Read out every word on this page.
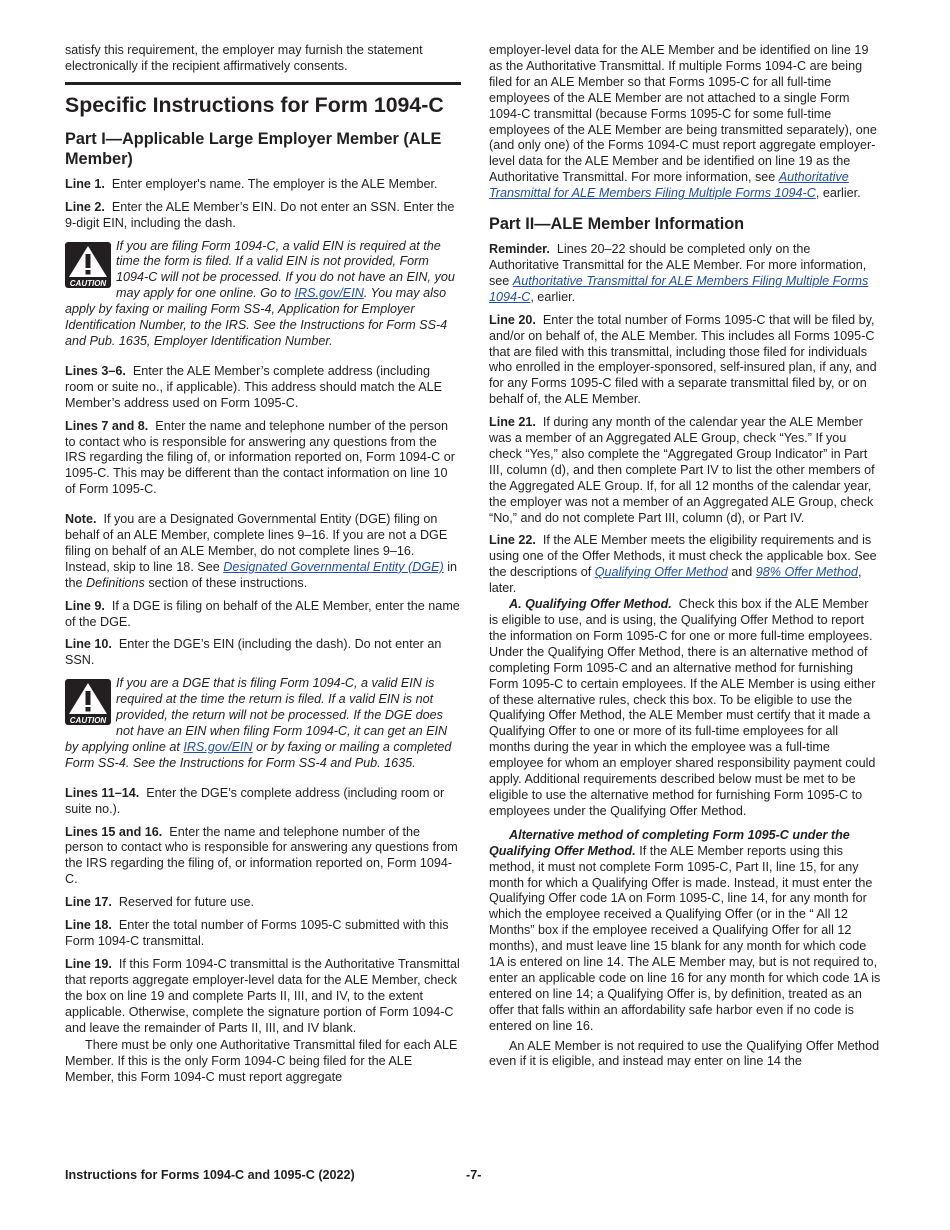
satisfy this requirement, the employer may furnish the statement electronically if the recipient affirmatively consents.

Specific Instructions for Form 1094-C
Part I—Applicable Large Employer Member (ALE Member)

Line 1. Enter employer's name. The employer is the ALE Member.

Line 2. Enter the ALE Member’s EIN. Do not enter an SSN. Enter the 9-digit EIN, including the dash.

If you are filing Form 1094-C, a valid EIN is required at the time the form is filed. If a valid EIN is not provided, Form 1094-C will not be processed. If you do not have an EIN, you may apply for one online. Go to IRS.gov/EIN. You may also apply by faxing or mailing Form SS-4, Application for Employer Identification Number, to the IRS. See the Instructions for Form SS-4 and Pub. 1635, Employer Identification Number.

Lines 3–6. Enter the ALE Member’s complete address (including room or suite no., if applicable). This address should match the ALE Member’s address used on Form 1095-C.

Lines 7 and 8. Enter the name and telephone number of the person to contact who is responsible for answering any questions from the IRS regarding the filing of, or information reported on, Form 1094-C or 1095-C. This may be different than the contact information on line 10 of Form 1095-C.

Note. If you are a Designated Governmental Entity (DGE) filing on behalf of an ALE Member, complete lines 9–16. If you are not a DGE filing on behalf of an ALE Member, do not complete lines 9–16. Instead, skip to line 18. See Designated Governmental Entity (DGE) in the Definitions section of these instructions.

Line 9. If a DGE is filing on behalf of the ALE Member, enter the name of the DGE.

Line 10. Enter the DGE’s EIN (including the dash). Do not enter an SSN.

If you are a DGE that is filing Form 1094-C, a valid EIN is required at the time the return is filed. If a valid EIN is not provided, the return will not be processed. If the DGE does not have an EIN when filing Form 1094-C, it can get an EIN by applying online at IRS.gov/EIN or by faxing or mailing a completed Form SS-4. See the Instructions for Form SS-4 and Pub. 1635.

Lines 11–14. Enter the DGE’s complete address (including room or suite no.).

Lines 15 and 16. Enter the name and telephone number of the person to contact who is responsible for answering any questions from the IRS regarding the filing of, or information reported on, Form 1094-C.

Line 17. Reserved for future use.

Line 18. Enter the total number of Forms 1095-C submitted with this Form 1094-C transmittal.

Line 19. If this Form 1094-C transmittal is the Authoritative Transmittal that reports aggregate employer-level data for the ALE Member, check the box on line 19 and complete Parts II, III, and IV, to the extent applicable. Otherwise, complete the signature portion of Form 1094-C and leave the remainder of Parts II, III, and IV blank.

There must be only one Authoritative Transmittal filed for each ALE Member. If this is the only Form 1094-C being filed for the ALE Member, this Form 1094-C must report aggregate

employer-level data for the ALE Member and be identified on line 19 as the Authoritative Transmittal. If multiple Forms 1094-C are being filed for an ALE Member so that Forms 1095-C for all full-time employees of the ALE Member are not attached to a single Form 1094-C transmittal (because Forms 1095-C for some full-time employees of the ALE Member are being transmitted separately), one (and only one) of the Forms 1094-C must report aggregate employer-level data for the ALE Member and be identified on line 19 as the Authoritative Transmittal. For more information, see Authoritative Transmittal for ALE Members Filing Multiple Forms 1094-C, earlier.

Part II—ALE Member Information

Reminder. Lines 20–22 should be completed only on the Authoritative Transmittal for the ALE Member. For more information, see Authoritative Transmittal for ALE Members Filing Multiple Forms 1094-C, earlier.

Line 20. Enter the total number of Forms 1095-C that will be filed by, and/or on behalf of, the ALE Member. This includes all Forms 1095-C that are filed with this transmittal, including those filed for individuals who enrolled in the employer-sponsored, self-insured plan, if any, and for any Forms 1095-C filed with a separate transmittal filed by, or on behalf of, the ALE Member.

Line 21. If during any month of the calendar year the ALE Member was a member of an Aggregated ALE Group, check “Yes.” If you check “Yes,” also complete the “Aggregated Group Indicator” in Part III, column (d), and then complete Part IV to list the other members of the Aggregated ALE Group. If, for all 12 months of the calendar year, the employer was not a member of an Aggregated ALE Group, check “No,” and do not complete Part III, column (d), or Part IV.

Line 22. If the ALE Member meets the eligibility requirements and is using one of the Offer Methods, it must check the applicable box. See the descriptions of Qualifying Offer Method and 98% Offer Method, later.

A. Qualifying Offer Method. Check this box if the ALE Member is eligible to use, and is using, the Qualifying Offer Method to report the information on Form 1095-C for one or more full-time employees. Under the Qualifying Offer Method, there is an alternative method of completing Form 1095-C and an alternative method for furnishing Form 1095-C to certain employees. If the ALE Member is using either of these alternative rules, check this box. To be eligible to use the Qualifying Offer Method, the ALE Member must certify that it made a Qualifying Offer to one or more of its full-time employees for all months during the year in which the employee was a full-time employee for whom an employer shared responsibility payment could apply. Additional requirements described below must be met to be eligible to use the alternative method for furnishing Form 1095-C to employees under the Qualifying Offer Method.

Alternative method of completing Form 1095-C under the Qualifying Offer Method. If the ALE Member reports using this method, it must not complete Form 1095-C, Part II, line 15, for any month for which a Qualifying Offer is made. Instead, it must enter the Qualifying Offer code 1A on Form 1095-C, line 14, for any month for which the employee received a Qualifying Offer (or in the “ All 12 Months” box if the employee received a Qualifying Offer for all 12 months), and must leave line 15 blank for any month for which code 1A is entered on line 14. The ALE Member may, but is not required to, enter an applicable code on line 16 for any month for which code 1A is entered on line 14; a Qualifying Offer is, by definition, treated as an offer that falls within an affordability safe harbor even if no code is entered on line 16.

An ALE Member is not required to use the Qualifying Offer Method even if it is eligible, and instead may enter on line 14 the

Instructions for Forms 1094-C and 1095-C (2022)	-7-
